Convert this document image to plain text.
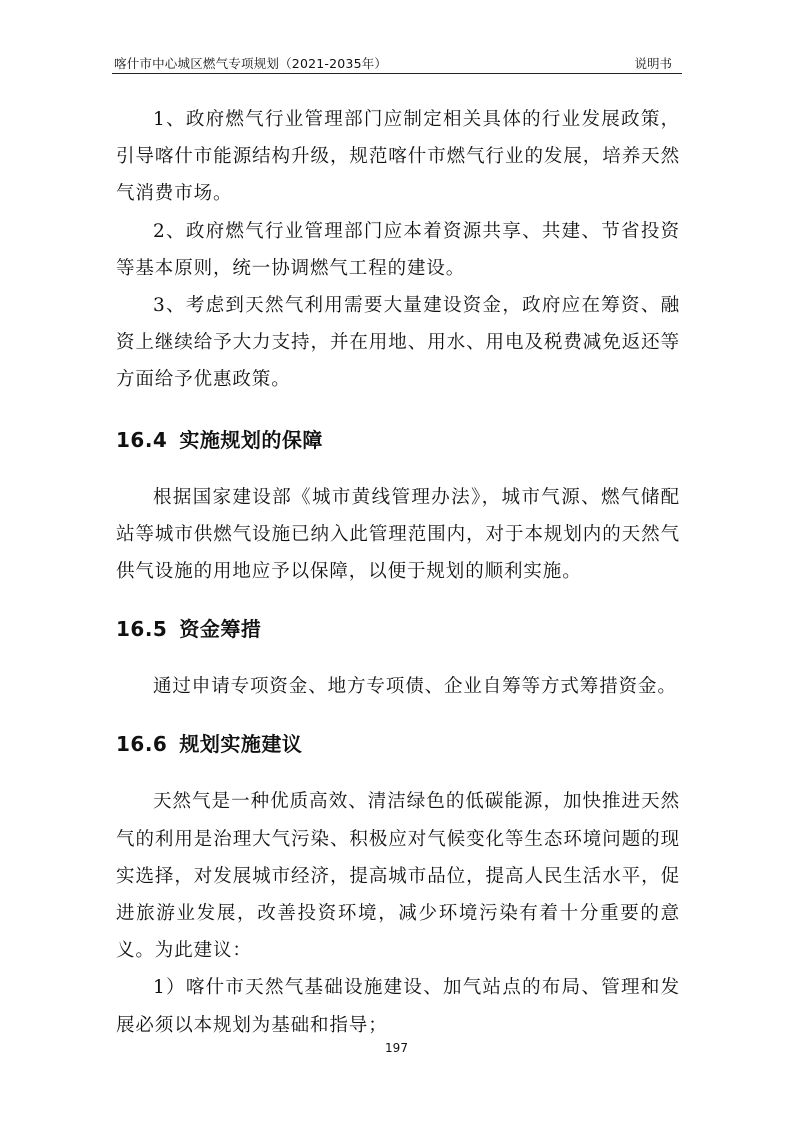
喀什市中心城区燃气专项规划（2021-2035年）	说明书

1、政府燃气行业管理部门应制定相关具体的行业发展政策，引导喀什市能源结构升级，规范喀什市燃气行业的发展，培养天然气消费市场。

2、政府燃气行业管理部门应本着资源共享、共建、节省投资等基本原则，统一协调燃气工程的建设。

3、考虑到天然气利用需要大量建设资金，政府应在筹资、融资上继续给予大力支持，并在用地、用水、用电及税费减免返还等方面给予优惠政策。

16.4 实施规划的保障

根据国家建设部《城市黄线管理办法》，城市气源、燃气储配站等城市供燃气设施已纳入此管理范围内，对于本规划内的天然气供气设施的用地应予以保障，以便于规划的顺利实施。

16.5 资金筹措

通过申请专项资金、地方专项债、企业自筹等方式筹措资金。

16.6 规划实施建议

天然气是一种优质高效、清洁绿色的低碳能源，加快推进天然气的利用是治理大气污染、积极应对气候变化等生态环境问题的现实选择，对发展城市经济，提高城市品位，提高人民生活水平，促进旅游业发展，改善投资环境，减少环境污染有着十分重要的意义。为此建议：

1）喀什市天然气基础设施建设、加气站点的布局、管理和发展必须以本规划为基础和指导；

197
